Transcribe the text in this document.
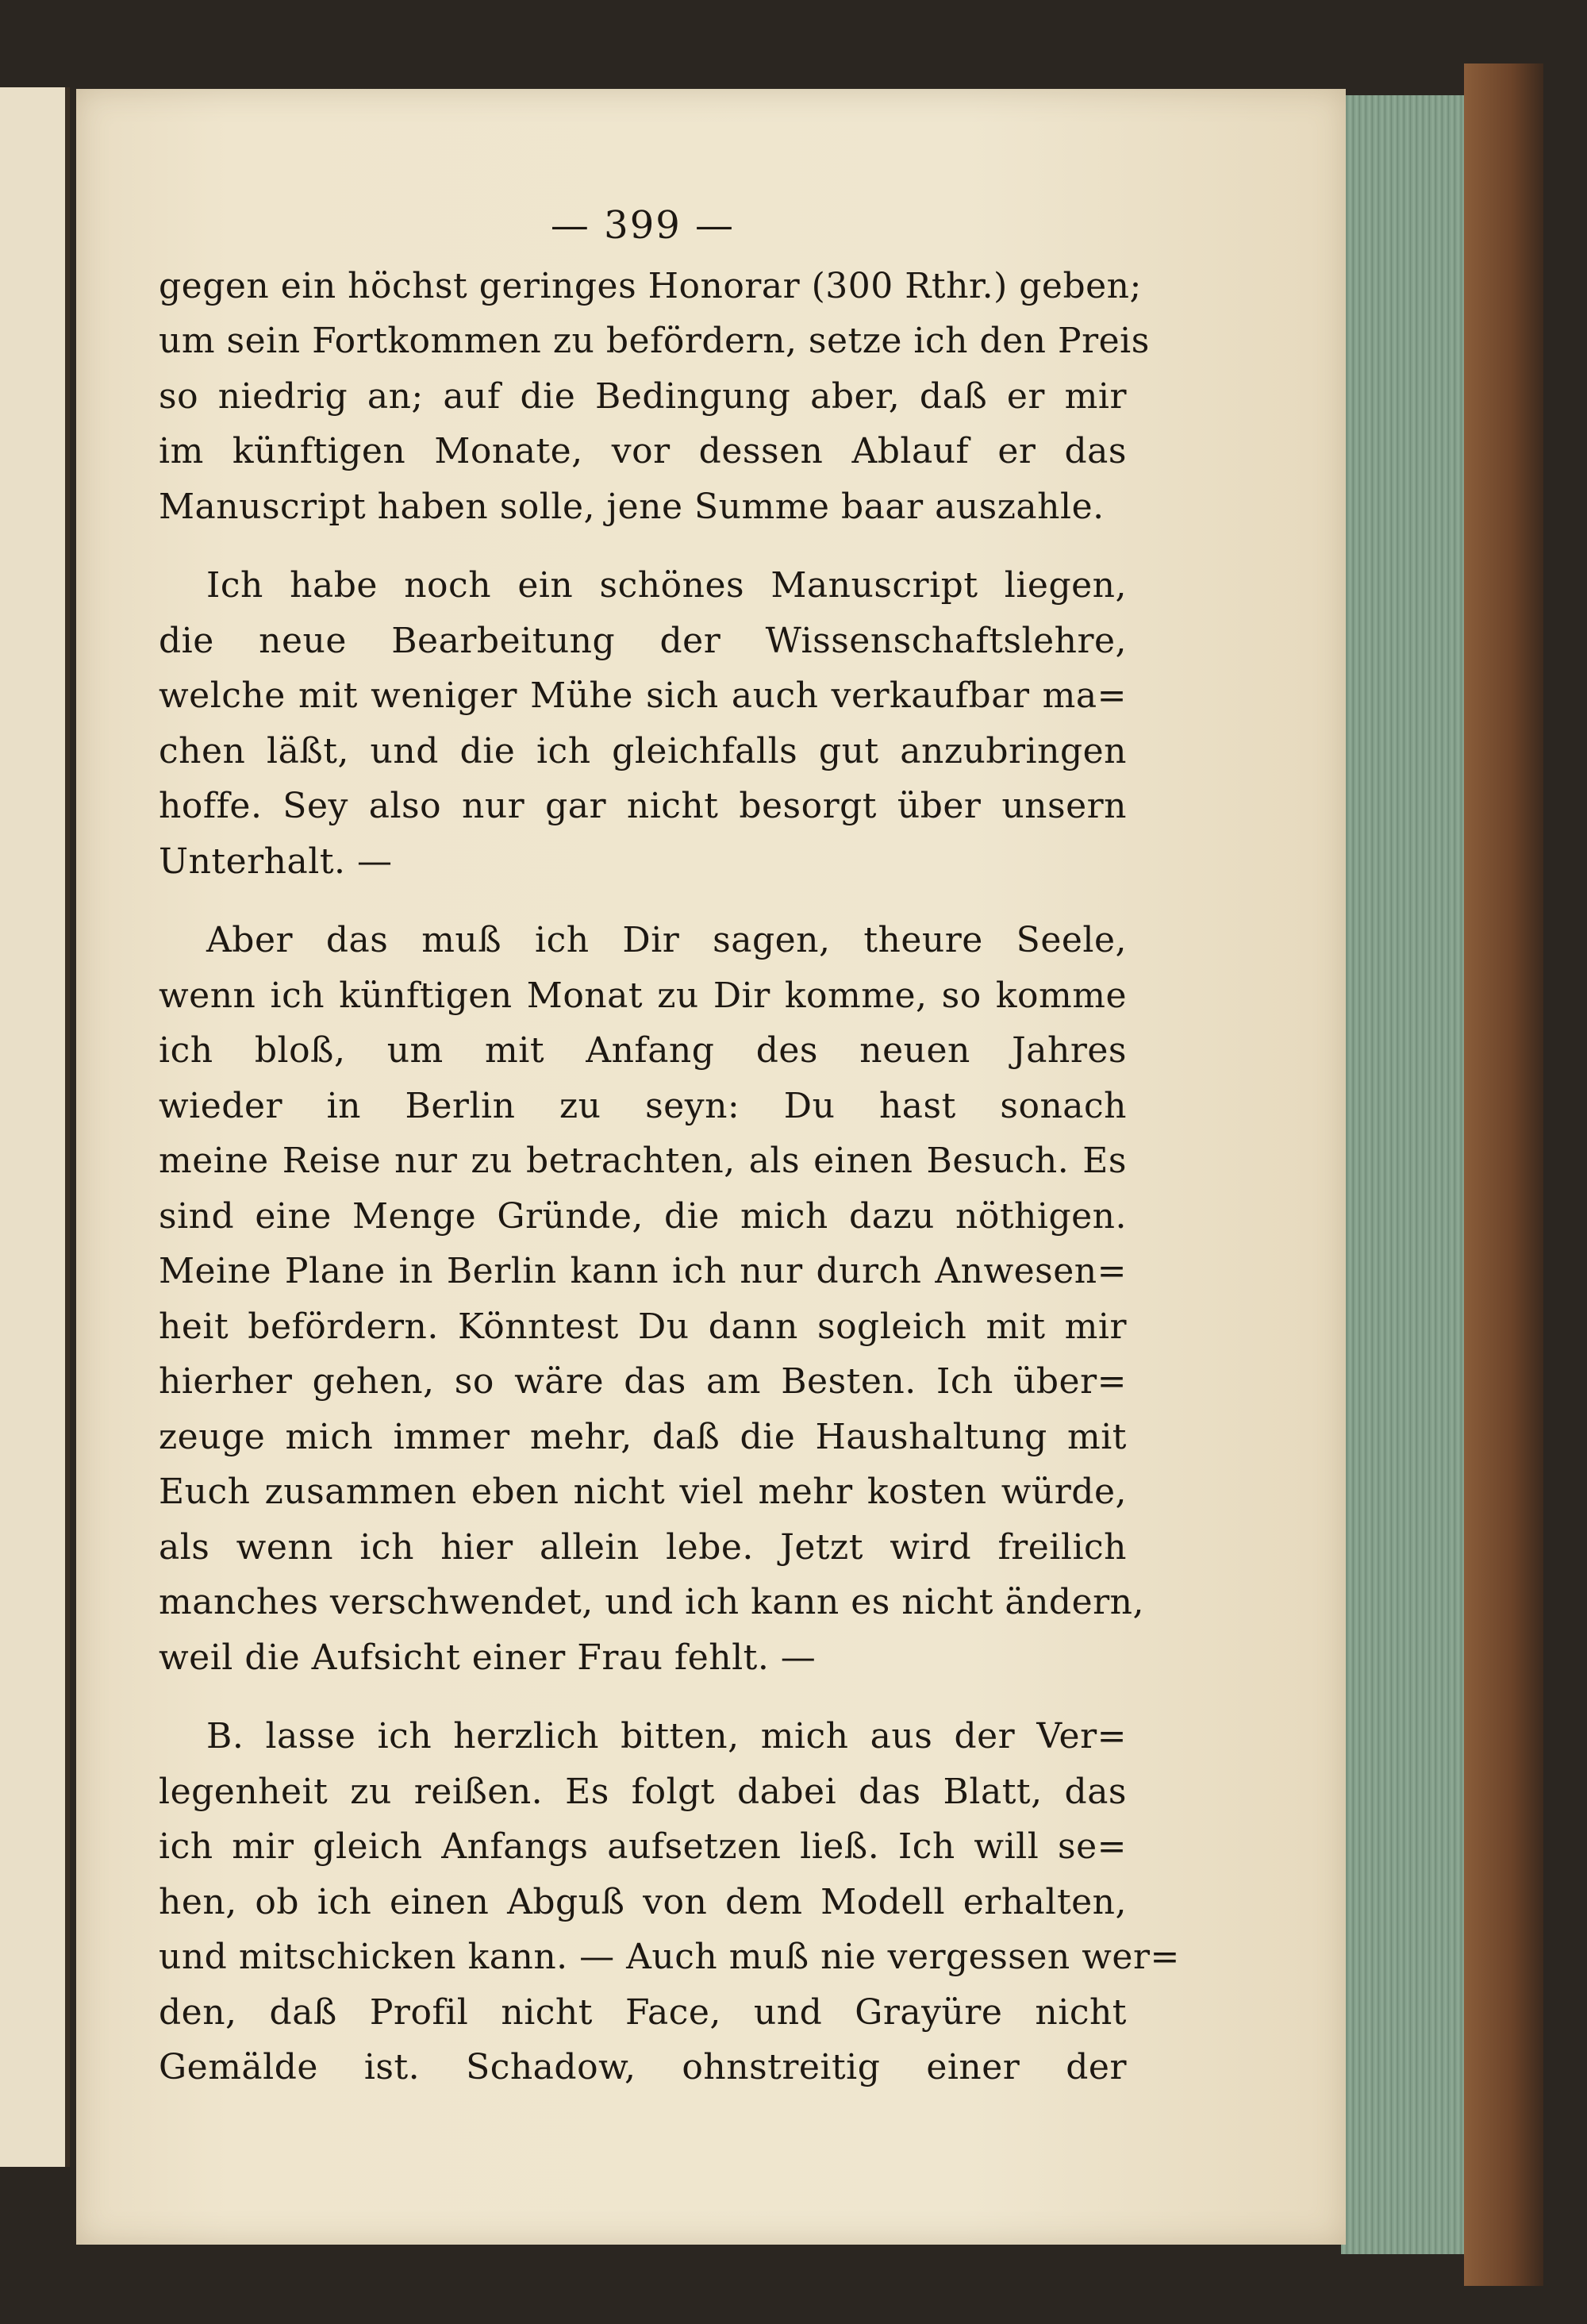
— 399 —
gegen ein höchst geringes Honorar (300 Rthr.) geben;
um sein Fortkommen zu befördern, setze ich den Preis
so niedrig an; auf die Bedingung aber, daß er mir
im künftigen Monate, vor dessen Ablauf er das
Manuscript haben solle, jene Summe baar auszahle.
Ich habe noch ein schönes Manuscript liegen,
die neue Bearbeitung der Wissenschaftslehre,
welche mit weniger Mühe sich auch verkaufbar ma=
chen läßt, und die ich gleichfalls gut anzubringen
hoffe. Sey also nur gar nicht besorgt über unsern
Unterhalt. —
Aber das muß ich Dir sagen, theure Seele,
wenn ich künftigen Monat zu Dir komme, so komme
ich bloß, um mit Anfang des neuen Jahres
wieder in Berlin zu seyn: Du hast sonach
meine Reise nur zu betrachten, als einen Besuch. Es
sind eine Menge Gründe, die mich dazu nöthigen.
Meine Plane in Berlin kann ich nur durch Anwesen=
heit befördern. Könntest Du dann sogleich mit mir
hierher gehen, so wäre das am Besten. Ich über=
zeuge mich immer mehr, daß die Haushaltung mit
Euch zusammen eben nicht viel mehr kosten würde,
als wenn ich hier allein lebe. Jetzt wird freilich
manches verschwendet, und ich kann es nicht ändern,
weil die Aufsicht einer Frau fehlt. —
B. lasse ich herzlich bitten, mich aus der Ver=
legenheit zu reißen. Es folgt dabei das Blatt, das
ich mir gleich Anfangs aufsetzen ließ. Ich will se=
hen, ob ich einen Abguß von dem Modell erhalten,
und mitschicken kann. — Auch muß nie vergessen wer=
den, daß Profil nicht Face, und Grayüre nicht
Gemälde ist. Schadow, ohnstreitig einer der
